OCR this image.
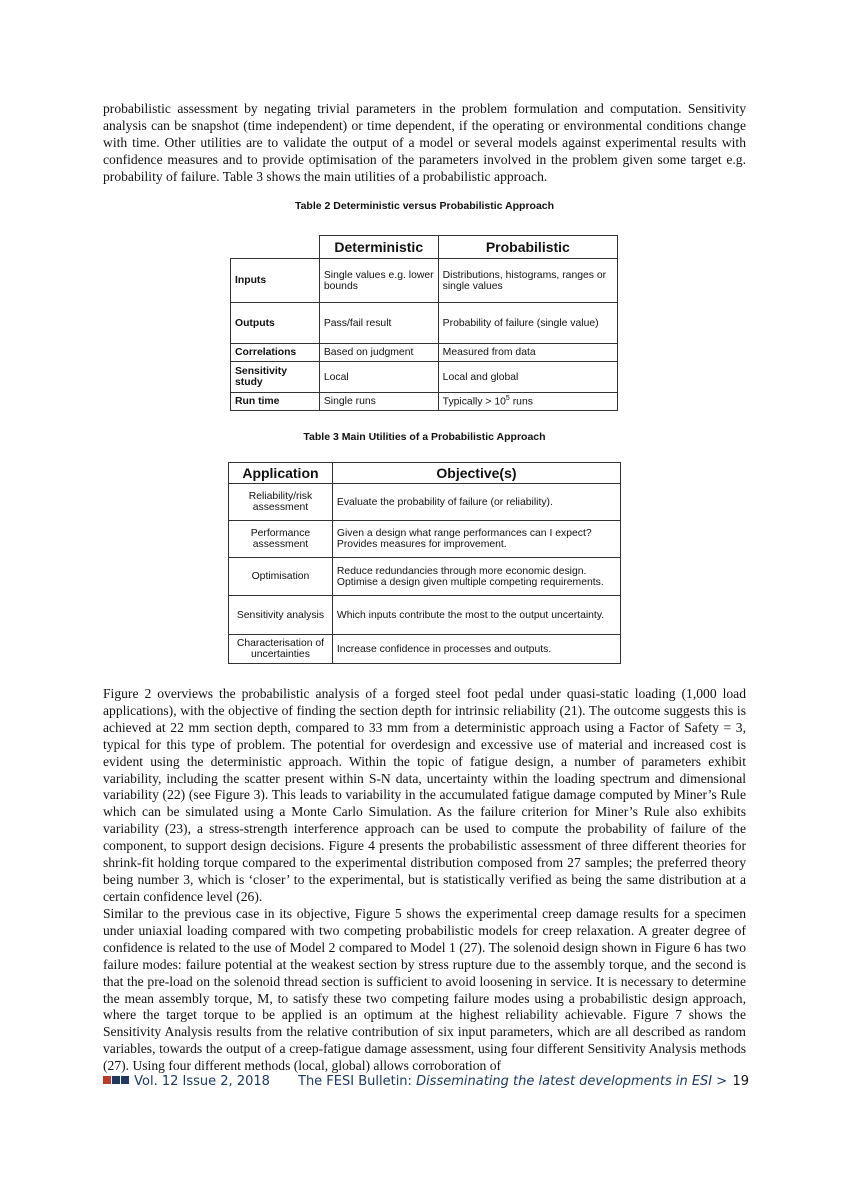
probabilistic assessment by negating trivial parameters in the problem formulation and computation. Sensitivity analysis can be snapshot (time independent) or time dependent, if the operating or environmental conditions change with time. Other utilities are to validate the output of a model or several models against experimental results with confidence measures and to provide optimisation of the parameters involved in the problem given some target e.g. probability of failure. Table 3 shows the main utilities of a probabilistic approach.

Table 2 Deterministic versus Probabilistic Approach

	Deterministic	Probabilistic
Inputs	Single values e.g. lower bounds	Distributions, histograms, ranges or single values
Outputs	Pass/fail result	Probability of failure (single value)
Correlations	Based on judgment	Measured from data
Sensitivity study	Local	Local and global
Run time	Single runs	Typically > $10^5$ runs

Table 3 Main Utilities of a Probabilistic Approach

Application	Objective(s)
Reliability/risk assessment	Evaluate the probability of failure (or reliability).
Performance assessment	Given a design what range performances can I expect? Provides measures for improvement.
Optimisation	Reduce redundancies through more economic design. Optimise a design given multiple competing requirements.
Sensitivity analysis	Which inputs contribute the most to the output uncertainty.
Characterisation of uncertainties	Increase confidence in processes and outputs.

Figure 2 overviews the probabilistic analysis of a forged steel foot pedal under quasi-static loading (1,000 load applications), with the objective of finding the section depth for intrinsic reliability (21). The outcome suggests this is achieved at 22 mm section depth, compared to 33 mm from a deterministic approach using a Factor of Safety = 3, typical for this type of problem. The potential for overdesign and excessive use of material and increased cost is evident using the deterministic approach. Within the topic of fatigue design, a number of parameters exhibit variability, including the scatter present within S-N data, uncertainty within the loading spectrum and dimensional variability (22) (see Figure 3). This leads to variability in the accumulated fatigue damage computed by Miner’s Rule which can be simulated using a Monte Carlo Simulation. As the failure criterion for Miner’s Rule also exhibits variability (23), a stress-strength interference approach can be used to compute the probability of failure of the component, to support design decisions. Figure 4 presents the probabilistic assessment of three different theories for shrink-fit holding torque compared to the experimental distribution composed from 27 samples; the preferred theory being number 3, which is ‘closer’ to the experimental, but is statistically verified as being the same distribution at a certain confidence level (26).

Similar to the previous case in its objective, Figure 5 shows the experimental creep damage results for a specimen under uniaxial loading compared with two competing probabilistic models for creep relaxation. A greater degree of confidence is related to the use of Model 2 compared to Model 1 (27). The solenoid design shown in Figure 6 has two failure modes: failure potential at the weakest section by stress rupture due to the assembly torque, and the second is that the pre-load on the solenoid thread section is sufficient to avoid loosening in service. It is necessary to determine the mean assembly torque, M, to satisfy these two competing failure modes using a probabilistic design approach, where the target torque to be applied is an optimum at the highest reliability achievable. Figure 7 shows the Sensitivity Analysis results from the relative contribution of six input parameters, which are all described as random variables, towards the output of a creep-fatigue damage assessment, using four different Sensitivity Analysis methods (27). Using four different methods (local, global) allows corroboration of

Vol. 12 Issue 2, 2018 The FESI Bulletin: Disseminating the latest developments in ESI > 19
